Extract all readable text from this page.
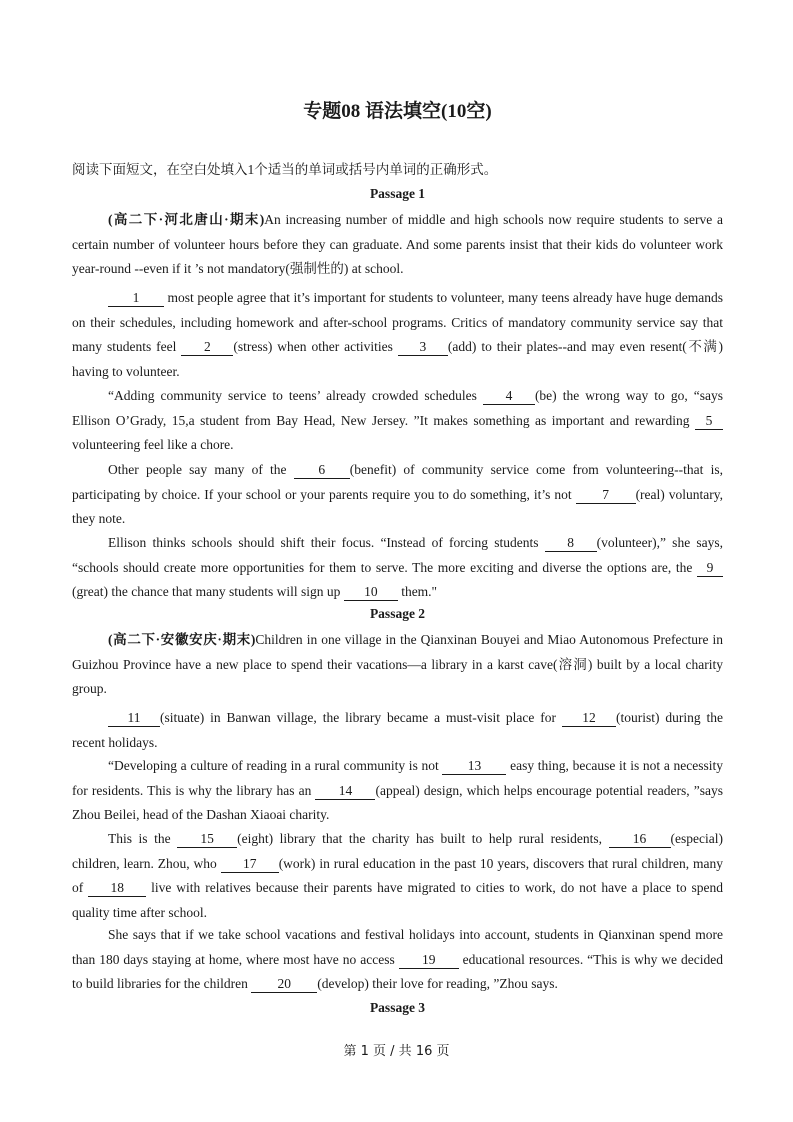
专题08 语法填空(10空)

阅读下面短文，在空白处填入1个适当的单词或括号内单词的正确形式。

Passage 1

(高二下·河北唐山·期末)An increasing number of middle and high schools now require students to serve a certain number of volunteer hours before they can graduate. And some parents insist that their kids do volunteer work year-round --even if it ’s not mandatory(强制性的) at school.

1 most people agree that it’s important for students to volunteer, many teens already have huge demands on their schedules, including homework and after-school programs. Critics of mandatory community service say that many students feel 2 (stress) when other activities 3 (add) to their plates--and may even resent(不满) having to volunteer.

“Adding community service to teens’ already crowded schedules 4 (be) the wrong way to go, “says Ellison O’Grady, 15,a student from Bay Head, New Jersey. ”It makes something as important and rewarding 5 volunteering feel like a chore.

Other people say many of the 6 (benefit) of community service come from volunteering--that is, participating by choice. If your school or your parents require you to do something, it’s not 7 (real) voluntary, they note.

Ellison thinks schools should shift their focus. “Instead of forcing students 8 (volunteer),” she says, “schools should create more opportunities for them to serve. The more exciting and diverse the options are, the 9(great) the chance that many students will sign up 10 them."

Passage 2

(高二下·安徽安庆·期末)Children in one village in the Qianxinan Bouyei and Miao Autonomous Prefecture in Guizhou Province have a new place to spend their vacations—a library in a karst cave(溶洞) built by a local charity group.

11 (situate) in Banwan village, the library became a must-visit place for 12 (tourist) during the recent holidays.

“Developing a culture of reading in a rural community is not 13 easy thing, because it is not a necessity for residents. This is why the library has an 14 (appeal) design, which helps encourage potential readers, ”says Zhou Beilei, head of the Dashan Xiaoai charity.

This is the 15 (eight) library that the charity has built to help rural residents, 16 (especial) children, learn. Zhou, who 17 (work) in rural education in the past 10 years, discovers that rural children, many of 18 live with relatives because their parents have migrated to cities to work, do not have a place to spend quality time after school.

She says that if we take school vacations and festival holidays into account, students in Qianxinan spend more than 180 days staying at home, where most have no access 19 educational resources. “This is why we decided to build libraries for the children 20 (develop) their love for reading, ”Zhou says.

Passage 3

第 1 页 / 共 16 页
